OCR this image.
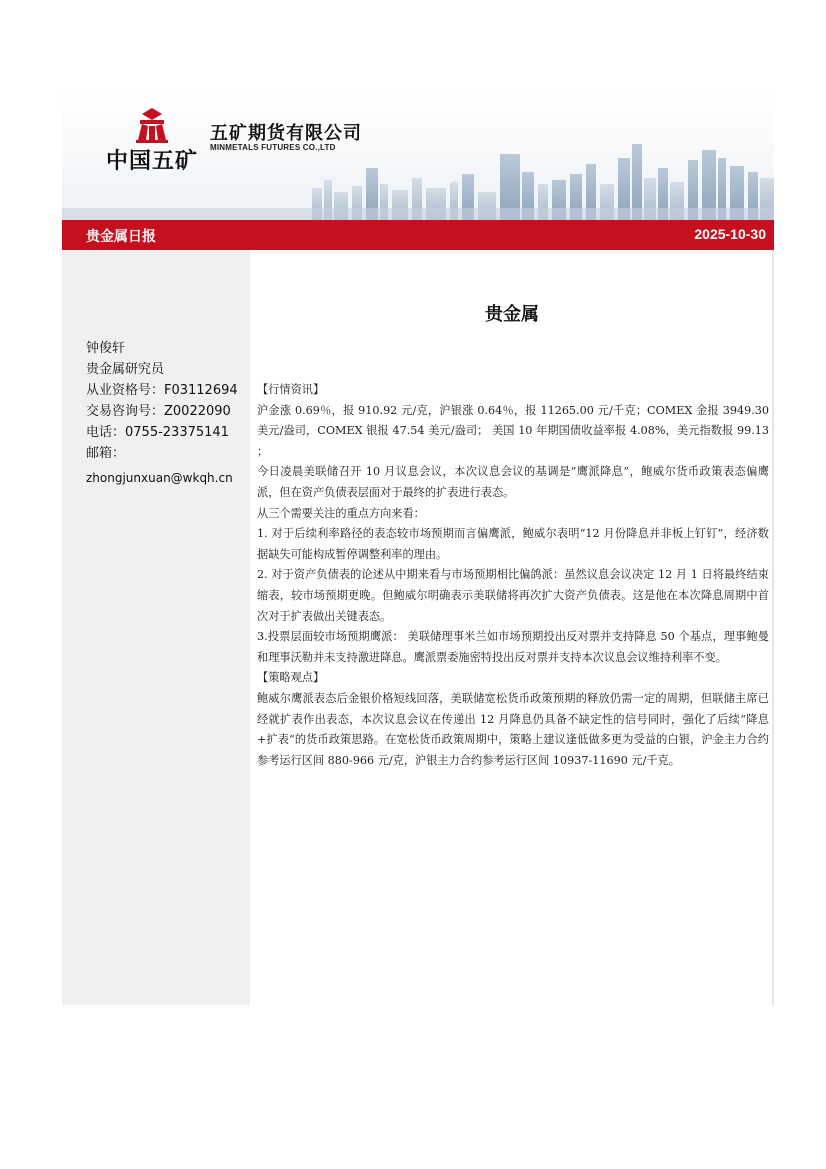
中国五矿
五矿期货有限公司
MINMETALS FUTURES CO.,LTD
贵金属日报	2025-10-30
钟俊轩
贵金属研究员
从业资格号：F03112694
交易咨询号：Z0022090
电话：0755-23375141
邮箱：
zhongjunxuan@wkqh.cn
贵金属

【行情资讯】

沪金涨 0.69％，报 910.92 元/克，沪银涨 0.64％，报 11265.00 元/千克；COMEX 金报 3949.30 美元/盎司，COMEX 银报 47.54 美元/盎司； 美国 10 年期国债收益率报 4.08%，美元指数报 99.13 ；

今日凌晨美联储召开 10 月议息会议，本次议息会议的基调是“鹰派降息”，鲍威尔货币政策表态偏鹰派，但在资产负债表层面对于最终的扩表进行表态。

从三个需要关注的重点方向来看：

1. 对于后续利率路径的表态较市场预期而言偏鹰派，鲍威尔表明“12 月份降息并非板上钉钉”，经济数据缺失可能构成暂停调整利率的理由。

2. 对于资产负债表的论述从中期来看与市场预期相比偏鸽派：虽然议息会议决定 12 月 1 日将最终结束缩表，较市场预期更晚。但鲍威尔明确表示美联储将再次扩大资产负债表。这是他在本次降息周期中首次对于扩表做出关键表态。

3.投票层面较市场预期鹰派： 美联储理事米兰如市场预期投出反对票并支持降息 50 个基点，理事鲍曼和理事沃勒并未支持激进降息。鹰派票委施密特投出反对票并支持本次议息会议维持利率不变。

【策略观点】

鲍威尔鹰派表态后金银价格短线回落，美联储宽松货币政策预期的释放仍需一定的周期，但联储主席已经就扩表作出表态，本次议息会议在传递出 12 月降息仍具备不缺定性的信号同时，强化了后续“降息+扩表“的货币政策思路。在宽松货币政策周期中，策略上建议逢低做多更为受益的白银，沪金主力合约参考运行区间 880-966 元/克，沪银主力合约参考运行区间 10937-11690 元/千克。
